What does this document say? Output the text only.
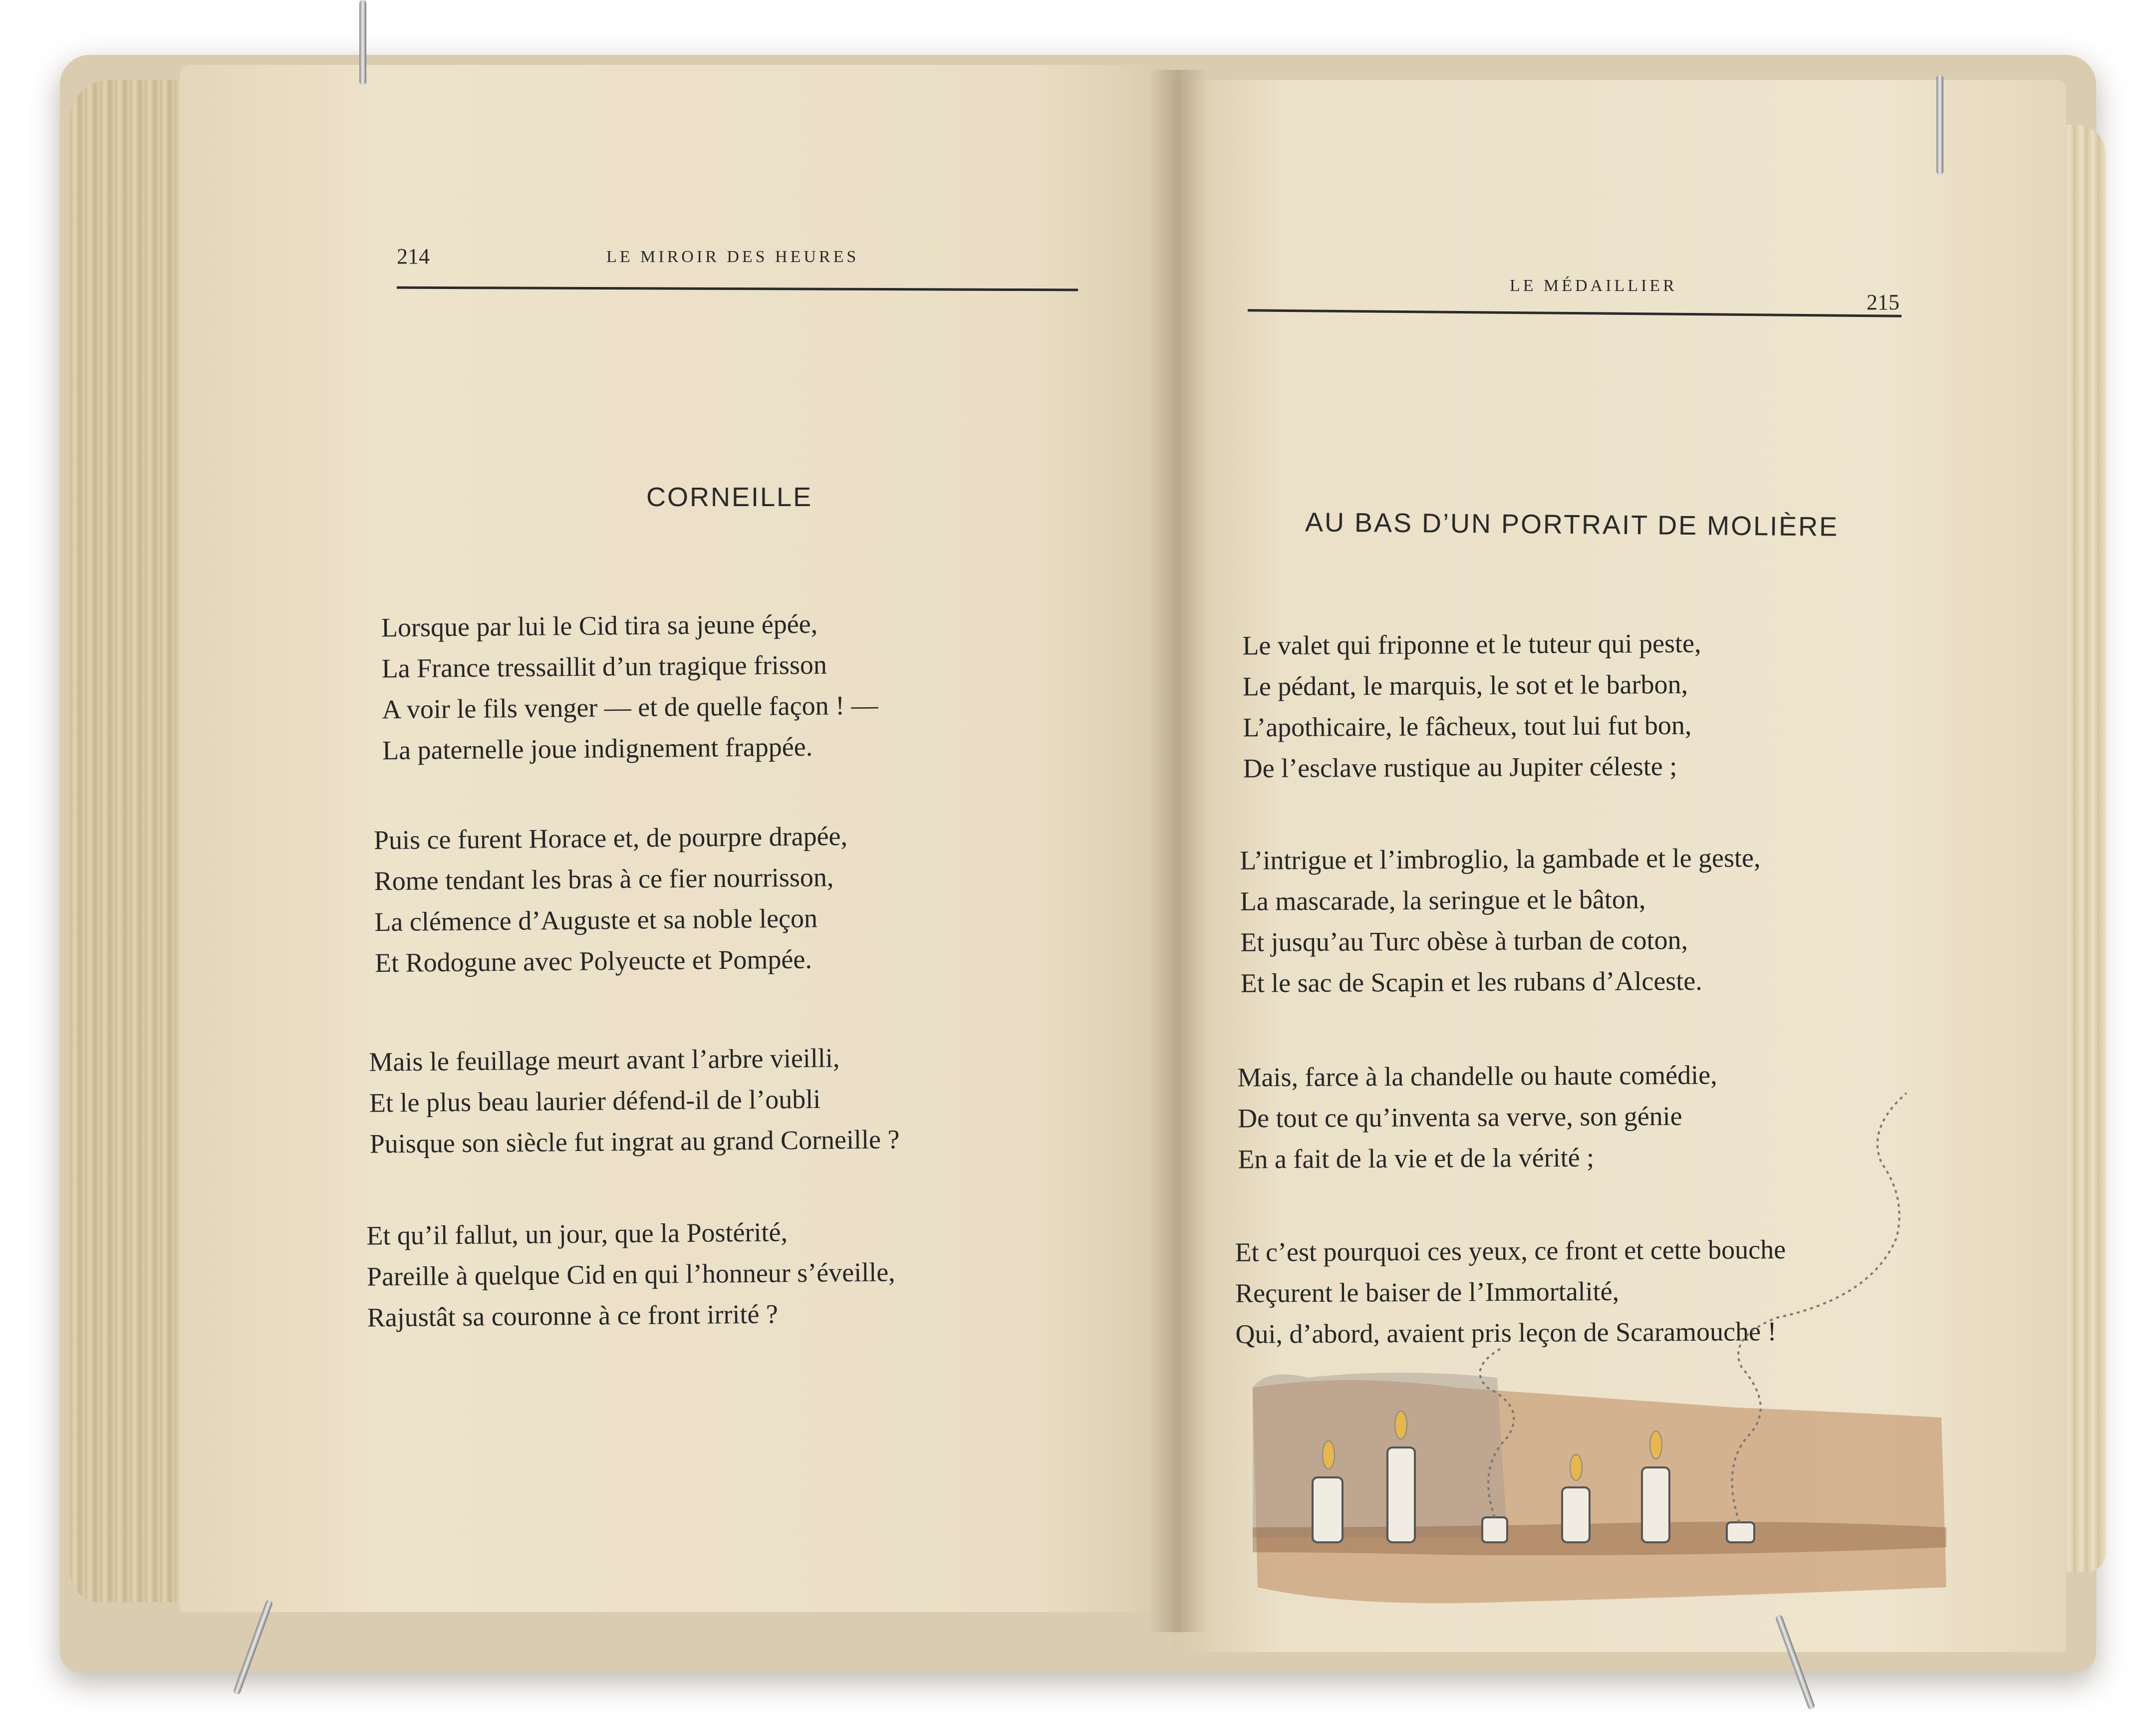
214	LE MIROIR DES HEURES
CORNEILLE
Lorsque par lui le Cid tira sa jeune épée,
La France tressaillit d’un tragique frisson
A voir le fils venger — et de quelle façon ! —
La paternelle joue indignement frappée.
Puis ce furent Horace et, de pourpre drapée,
Rome tendant les bras à ce fier nourrisson,
La clémence d’Auguste et sa noble leçon
Et Rodogune avec Polyeucte et Pompée.
Mais le feuillage meurt avant l’arbre vieilli,
Et le plus beau laurier défend-il de l’oubli
Puisque son siècle fut ingrat au grand Corneille ?
Et qu’il fallut, un jour, que la Postérité,
Pareille à quelque Cid en qui l’honneur s’éveille,
Rajustât sa couronne à ce front irrité ?
LE MÉDAILLIER
215
AU BAS D’UN PORTRAIT DE MOLIÈRE
Le valet qui friponne et le tuteur qui peste,
Le pédant, le marquis, le sot et le barbon,
L’apothicaire, le fâcheux, tout lui fut bon,
De l’esclave rustique au Jupiter céleste ;
L’intrigue et l’imbroglio, la gambade et le geste,
La mascarade, la seringue et le bâton,
Et jusqu’au Turc obèse à turban de coton,
Et le sac de Scapin et les rubans d’Alceste.
Mais, farce à la chandelle ou haute comédie,
De tout ce qu’inventa sa verve, son génie
En a fait de la vie et de la vérité ;
Et c’est pourquoi ces yeux, ce front et cette bouche
Reçurent le baiser de l’Immortalité,
Qui, d’abord, avaient pris leçon de Scaramouche !
